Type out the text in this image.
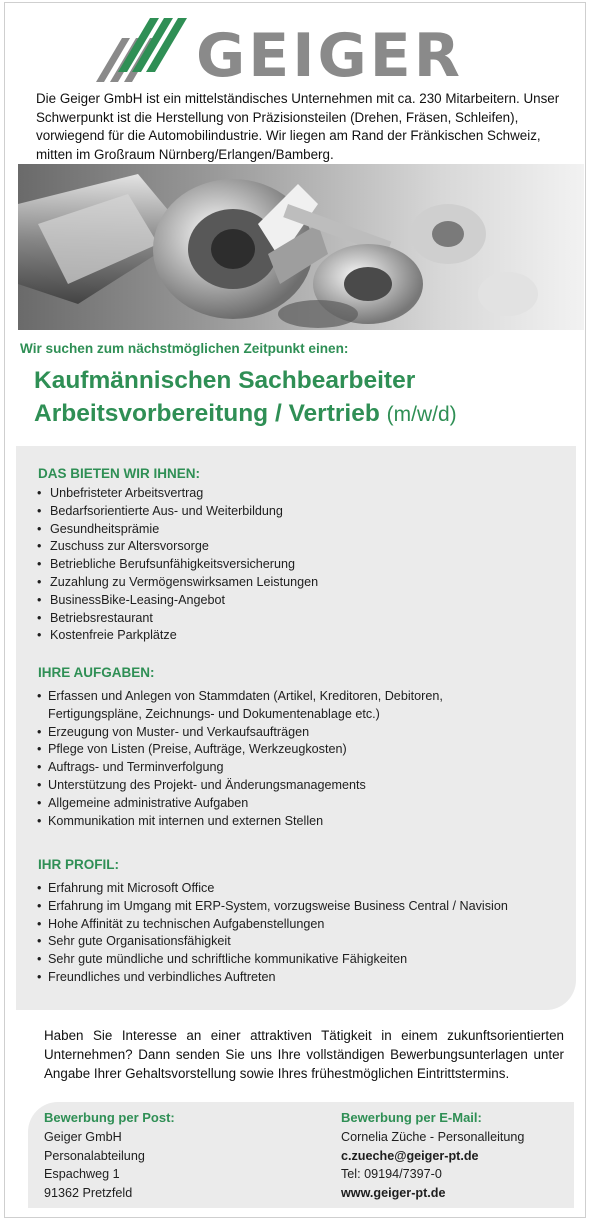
GEIGER

Die Geiger GmbH ist ein mittelständisches Unternehmen mit ca. 230 Mitarbeitern. Unser Schwerpunkt ist die Herstellung von Präzisionsteilen (Drehen, Fräsen, Schleifen), vorwiegend für die Automobilindustrie. Wir liegen am Rand der Fränkischen Schweiz, mitten im Großraum Nürnberg/Erlangen/Bamberg.

Wir suchen zum nächstmöglichen Zeitpunkt einen:
Kaufmännischen Sachbearbeiter
Arbeitsvorbereitung / Vertrieb (m/w/d)
DAS BIETEN WIR IHNEN:
• Unbefristeter Arbeitsvertrag
• Bedarfsorientierte Aus- und Weiterbildung
• Gesundheitsprämie
• Zuschuss zur Altersvorsorge
• Betriebliche Berufsunfähigkeitsversicherung
• Zuzahlung zu Vermögenswirksamen Leistungen
• BusinessBike-Leasing-Angebot
• Betriebsrestaurant
• Kostenfreie Parkplätze
IHRE AUFGABEN:
• Erfassen und Anlegen von Stammdaten (Artikel, Kreditoren, Debitoren, Fertigungspläne, Zeichnungs- und Dokumentenablage etc.)
• Erzeugung von Muster- und Verkaufsaufträgen
• Pflege von Listen (Preise, Aufträge, Werkzeugkosten)
• Auftrags- und Terminverfolgung
• Unterstützung des Projekt- und Änderungsmanagements
• Allgemeine administrative Aufgaben
• Kommunikation mit internen und externen Stellen
IHR PROFIL:
• Erfahrung mit Microsoft Office
• Erfahrung im Umgang mit ERP-System, vorzugsweise Business Central / Navision
• Hohe Affinität zu technischen Aufgabenstellungen
• Sehr gute Organisationsfähigkeit
• Sehr gute mündliche und schriftliche kommunikative Fähigkeiten
• Freundliches und verbindliches Auftreten

Haben Sie Interesse an einer attraktiven Tätigkeit in einem zukunftsorientierten Unternehmen? Dann senden Sie uns Ihre vollständigen Bewerbungsunterlagen unter Angabe Ihrer Gehaltsvorstellung sowie Ihres frühestmöglichen Eintrittstermins.

Bewerbung per Post:
Geiger GmbH
Personalabteilung
Espachweg 1
91362 Pretzfeld
Bewerbung per E-Mail:
Cornelia Züche - Personalleitung
c.zueche@geiger-pt.de
Tel: 09194/7397-0
www.geiger-pt.de
